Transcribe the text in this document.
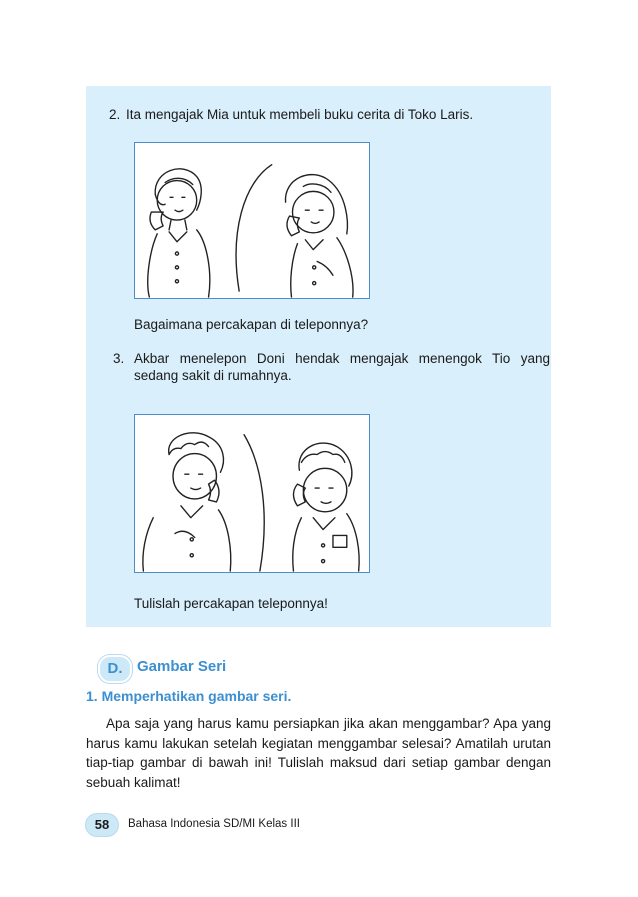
2. Ita mengajak Mia untuk membeli buku cerita di Toko Laris.
Bagaimana percakapan di teleponnya?
3. Akbar menelepon Doni hendak mengajak menengok Tio yang sedang sakit di rumahnya.
Tulislah percakapan teleponnya!
D. Gambar Seri
1. Memperhatikan gambar seri.
Apa saja yang harus kamu persiapkan jika akan menggambar? Apa yang harus kamu lakukan setelah kegiatan menggambar selesai? Amatilah urutan tiap-tiap gambar di bawah ini! Tulislah maksud dari setiap gambar dengan sebuah kalimat!
58	Bahasa Indonesia SD/MI Kelas III
